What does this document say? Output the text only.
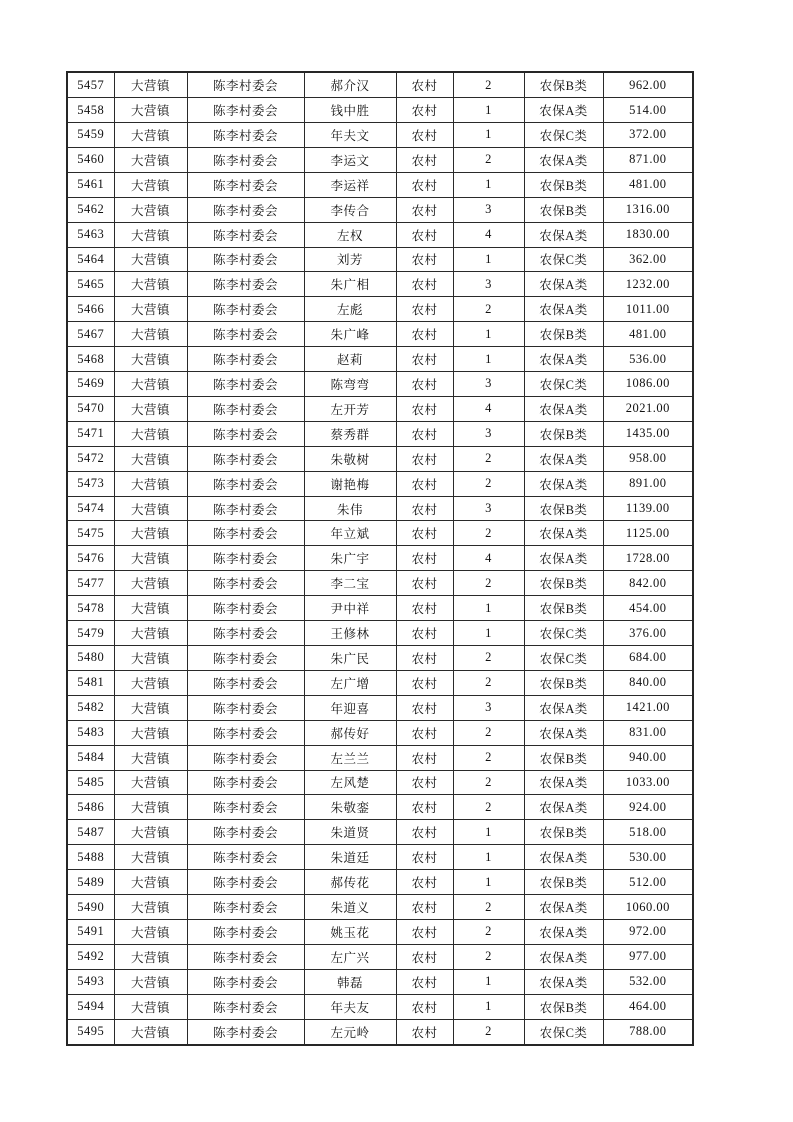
5457	大营镇	陈李村委会	郝介汉	农村	2	农保B类	962.00
5458	大营镇	陈李村委会	钱中胜	农村	1	农保A类	514.00
5459	大营镇	陈李村委会	年夫文	农村	1	农保C类	372.00
5460	大营镇	陈李村委会	李运文	农村	2	农保A类	871.00
5461	大营镇	陈李村委会	李运祥	农村	1	农保B类	481.00
5462	大营镇	陈李村委会	李传合	农村	3	农保B类	1316.00
5463	大营镇	陈李村委会	左权	农村	4	农保A类	1830.00
5464	大营镇	陈李村委会	刘芳	农村	1	农保C类	362.00
5465	大营镇	陈李村委会	朱广相	农村	3	农保A类	1232.00
5466	大营镇	陈李村委会	左彪	农村	2	农保A类	1011.00
5467	大营镇	陈李村委会	朱广峰	农村	1	农保B类	481.00
5468	大营镇	陈李村委会	赵莉	农村	1	农保A类	536.00
5469	大营镇	陈李村委会	陈弯弯	农村	3	农保C类	1086.00
5470	大营镇	陈李村委会	左开芳	农村	4	农保A类	2021.00
5471	大营镇	陈李村委会	蔡秀群	农村	3	农保B类	1435.00
5472	大营镇	陈李村委会	朱敬树	农村	2	农保A类	958.00
5473	大营镇	陈李村委会	谢艳梅	农村	2	农保A类	891.00
5474	大营镇	陈李村委会	朱伟	农村	3	农保B类	1139.00
5475	大营镇	陈李村委会	年立斌	农村	2	农保A类	1125.00
5476	大营镇	陈李村委会	朱广宇	农村	4	农保A类	1728.00
5477	大营镇	陈李村委会	李二宝	农村	2	农保B类	842.00
5478	大营镇	陈李村委会	尹中祥	农村	1	农保B类	454.00
5479	大营镇	陈李村委会	王修林	农村	1	农保C类	376.00
5480	大营镇	陈李村委会	朱广民	农村	2	农保C类	684.00
5481	大营镇	陈李村委会	左广增	农村	2	农保B类	840.00
5482	大营镇	陈李村委会	年迎喜	农村	3	农保A类	1421.00
5483	大营镇	陈李村委会	郝传好	农村	2	农保A类	831.00
5484	大营镇	陈李村委会	左兰兰	农村	2	农保B类	940.00
5485	大营镇	陈李村委会	左风楚	农村	2	农保A类	1033.00
5486	大营镇	陈李村委会	朱敬銮	农村	2	农保A类	924.00
5487	大营镇	陈李村委会	朱道贤	农村	1	农保B类	518.00
5488	大营镇	陈李村委会	朱道廷	农村	1	农保A类	530.00
5489	大营镇	陈李村委会	郝传花	农村	1	农保B类	512.00
5490	大营镇	陈李村委会	朱道义	农村	2	农保A类	1060.00
5491	大营镇	陈李村委会	姚玉花	农村	2	农保A类	972.00
5492	大营镇	陈李村委会	左广兴	农村	2	农保A类	977.00
5493	大营镇	陈李村委会	韩磊	农村	1	农保A类	532.00
5494	大营镇	陈李村委会	年夫友	农村	1	农保B类	464.00
5495	大营镇	陈李村委会	左元岭	农村	2	农保C类	788.00
